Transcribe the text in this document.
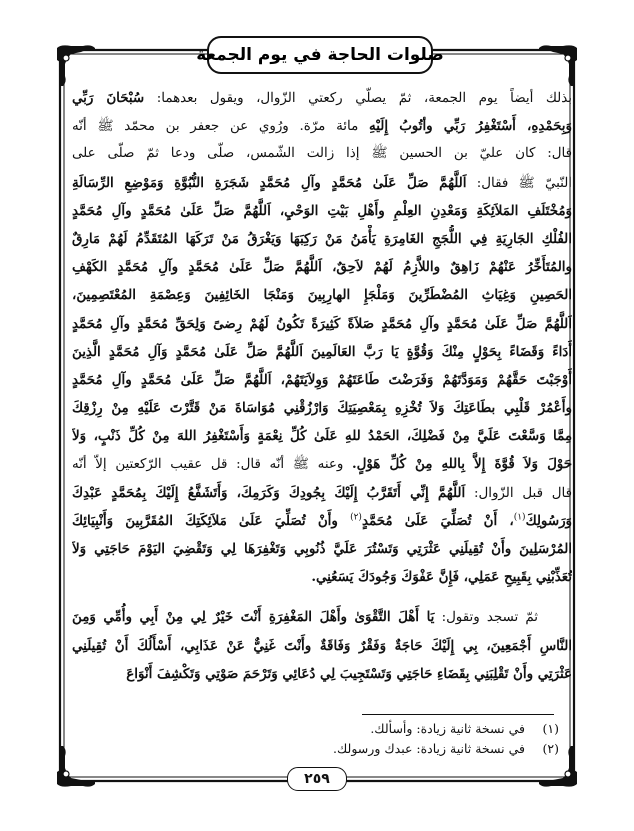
صلوات الحاجة في يوم الجمعة
بذلك أيضاً يوم الجمعة، ثمّ يصلّي ركعتي الزّوال، ويقول بعدهما: سُبْحَانَ رَبِّي
وَبِحَمْدِهِ، أَسْتَغْفِرُ رَبِّي وأتُوبُ إِلَيْهِ مائة مرّة. ورُوي عن جعفر بن محمّد ﷺ أنّه
قال: كان عليّ بن الحسين ﷺ إذا زالت الشّمس، صلّى ودعا ثمّ صلّى على
النّبيّ ﷺ فقال: اَللَّهُمَّ صَلِّ عَلَىٰ مُحَمَّدٍ وآلِ مُحَمَّدٍ شَجَرَةِ النُّبُوَّةِ وَمَوْضِعِ الرِّسَالَةِ
وَمُخْتَلَفِ المَلاَئِكَةِ وَمَعْدِنِ العِلْمِ وأَهْلِ بَيْتِ الوَحْيِ، اَللَّهُمَّ صَلِّ عَلَىٰ مُحَمَّدٍ وآلِ مُحَمَّدٍ
الفُلْكِ الجَارِيَةِ فِي اللُّجَجِ الغَامِرَةِ يَأْمَنُ مَنْ رَكِبَهَا وَيَغْرَقُ مَنْ تَرَكَهَا المُتَقَدِّمُ لَهُمْ مَارِقٌ
والمُتَأَخِّرُ عَنْهُمْ زَاهِقٌ واللاَّزِمُ لَهُمْ لاَحِقٌ، اَللَّهُمَّ صَلِّ عَلَىٰ مُحَمَّدٍ وآلِ مُحَمَّدٍ الكَهْفِ
الحَصِينِ وَغِيَاثِ المُضْطَرِّينَ وَمَلْجَإِ الهارِبِينَ وَمَنْجَا الخَائِفِينَ وَعِصْمَةِ المُعْتَصِمِينَ،
اَللَّهُمَّ صَلِّ عَلَىٰ مُحَمَّدٍ وآلِ مُحَمَّدٍ صَلاَةً كَثِيرَةً تَكُونُ لَهُمْ رِضىً وَلِحَقِّ مُحَمَّدٍ وآلِ مُحَمَّدٍ
أَدَاءً وَقَضَاءً بِحَوْلٍ مِنْكَ وَقُوَّةٍ يَا رَبَّ العَالَمِينَ اَللَّهُمَّ صَلِّ عَلَىٰ مُحَمَّدٍ وَآلِ مُحَمَّدٍ الَّذِينَ
أَوْجَبْتَ حَقَّهُمْ وَمَوَدَّتَهُمْ وَفَرَضْتَ طَاعَتَهُمْ وَوِلاَيَتَهُمْ، اَللَّهُمَّ صَلِّ عَلَىٰ مُحَمَّدٍ وآلِ مُحَمَّدٍ
وأَعْمُرْ قَلْبِي بطَاعَتِكَ وَلاَ تُخْزِهِ بِمَعْصِيَتِكَ وَارْزُقْنِي مُوَاسَاةَ مَنْ قَتَّرْتَ عَلَيْهِ مِنْ رِزْقِكَ
مِمَّا وَسَّعْتَ عَلَيَّ مِنْ فَضْلِكَ، الحَمْدُ للهِ عَلَىٰ كُلِّ نِعْمَةٍ وَأَسْتَغْفِرُ اللهَ مِنْ كُلِّ ذَنْبٍ، وَلاَ
حَوْلَ وَلاَ قُوَّةَ إِلاَّ بِاللهِ مِنْ كُلِّ هَوْلٍ. وعنه ﷺ أنّه قال: قل عقيب الرّكعتين إلاّ أنّه
قال قبل الزّوال: اَللَّهُمَّ إِنِّي أَتَقَرَّبُ إِلَيْكَ بِجُودِكَ وَكَرَمِكَ، وَأَتَشَفَّعُ إِلَيْكَ بِمُحَمَّدٍ عَبْدِكَ
وَرَسُولِكَ$^{(١)}$، أَنْ تُصَلِّيَ عَلَىٰ مُحَمَّدٍ$^{(٢)}$ وأَنْ تُصَلِّيَ عَلَىٰ مَلاَئِكَتِكَ المُقَرَّبِينَ وَأَنْبِيَائِكَ
المُرْسَلِينَ وأَنْ تُقِيلَنِي عَثْرَتِي وَتَسْتُرَ عَلَيَّ ذُنُوبِي وَتَغْفِرَهَا لِي وَتَقْضِيَ اليَوْمَ حَاجَتِي وَلاَ
تُعَذِّبْنِي بِقَبِيحِ عَمَلِي، فَإِنَّ عَفْوَكَ وَجُودَكَ يَسَعُنِي.
ثمّ تسجد وتقول: يَا أَهْلَ التَّقْوَىٰ وأَهْلَ المَغْفِرَةِ أَنْتَ خَيْرٌ لِي مِنْ أَبِي وأُمِّي وَمِنَ
النَّاسِ أَجْمَعِينَ، بِي إِلَيْكَ حَاجَةٌ وَفَقْرٌ وَفَاقَةٌ وأَنْتَ غَنِيٌّ عَنْ عَذَابِي، أَسْأَلُكَ أَنْ تُقِيلَنِي
عَثْرَتِي وأَنْ تَقْلِبَنِي بِقَضَاءِ حَاجَتِي وَتَسْتَجِيبَ لِي دُعَائِي وَتَرْحَمَ صَوْتِي وَتَكْشِفَ أَنْوَاعَ
(١)
في نسخة ثانية زيادة: وأسألك.
(٢)
في نسخة ثانية زيادة: عبدك ورسولك.
٢٥٩
